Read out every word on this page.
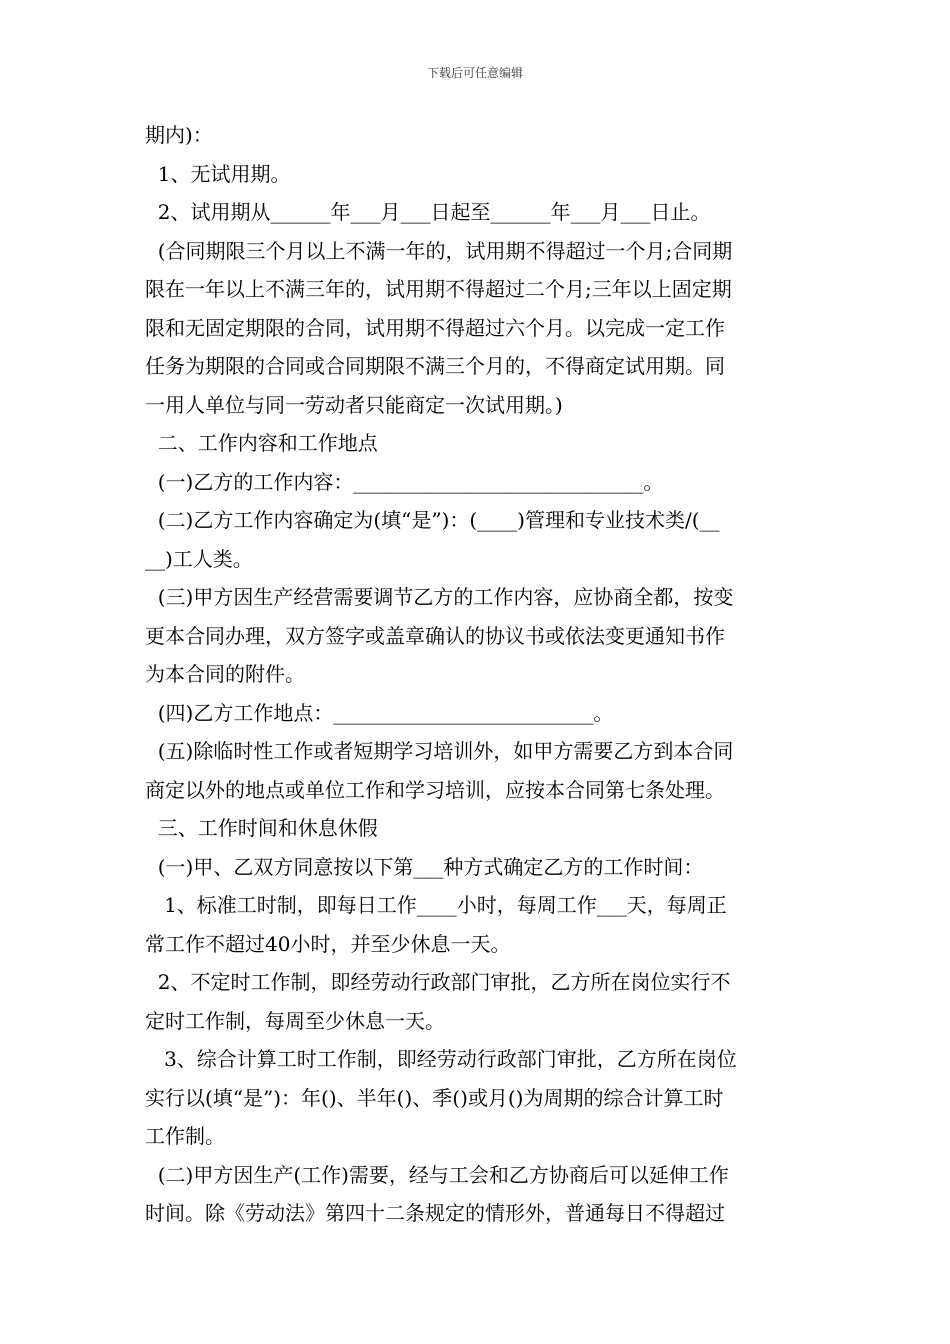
下载后可任意编辑
期内)：
1、无试用期。
2、试用期从______年___月___日起至______年___月___日止。
(合同期限三个月以上不满一年的，试用期不得超过一个月;合同期
限在一年以上不满三年的，试用期不得超过二个月;三年以上固定期
限和无固定期限的合同，试用期不得超过六个月。以完成一定工作
任务为期限的合同或合同期限不满三个月的，不得商定试用期。同
一用人单位与同一劳动者只能商定一次试用期。)
二、工作内容和工作地点
(一)乙方的工作内容：_____________________________。
(二)乙方工作内容确定为(填“是”)：(____)管理和专业技术类/(__
__)工人类。
(三)甲方因生产经营需要调节乙方的工作内容，应协商全都，按变
更本合同办理，双方签字或盖章确认的协议书或依法变更通知书作
为本合同的附件。
(四)乙方工作地点：__________________________。
(五)除临时性工作或者短期学习培训外，如甲方需要乙方到本合同
商定以外的地点或单位工作和学习培训，应按本合同第七条处理。
三、工作时间和休息休假
(一)甲、乙双方同意按以下第___种方式确定乙方的工作时间：
1、标准工时制，即每日工作____小时，每周工作___天，每周正
常工作不超过40小时，并至少休息一天。
2、不定时工作制，即经劳动行政部门审批，乙方所在岗位实行不
定时工作制，每周至少休息一天。
3、综合计算工时工作制，即经劳动行政部门审批，乙方所在岗位
实行以(填“是”)：年()、半年()、季()或月()为周期的综合计算工时
工作制。
(二)甲方因生产(工作)需要，经与工会和乙方协商后可以延伸工作
时间。除《劳动法》第四十二条规定的情形外，普通每日不得超过
